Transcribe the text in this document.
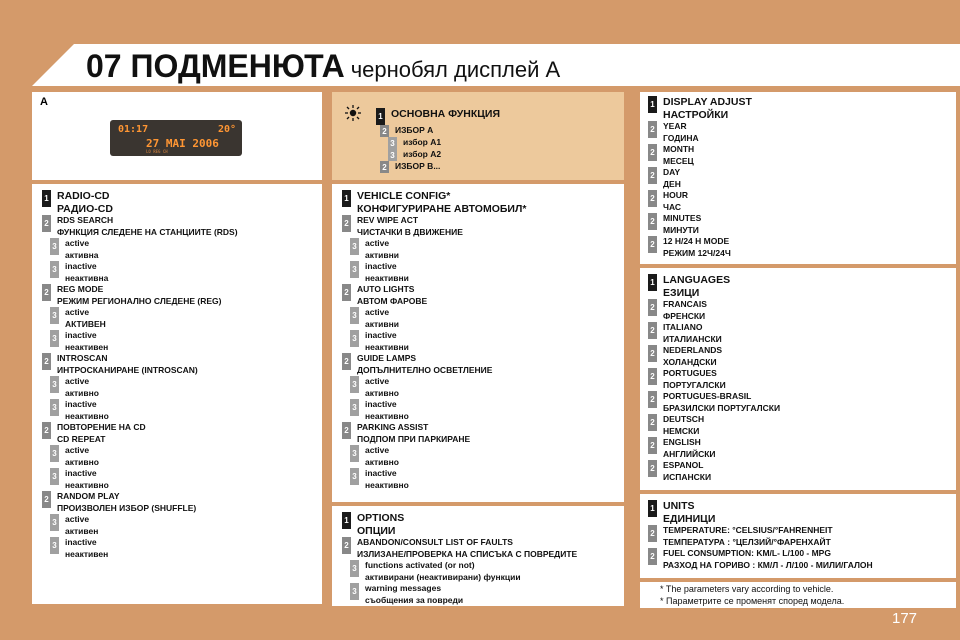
07 ПОДМЕНЮТА чернобял дисплей А
A
01:17	20°
27 MAI 2006
LO REG CH
1 ОСНОВНА ФУНКЦИЯ
2 ИЗБОР А
3 избор А1
3 избор А2
2 ИЗБОР В...
1 RADIO-CD
РАДИО-CD
2 RDS SEARCH
ФУНКЦИЯ СЛЕДЕНЕ НА СТАНЦИИТЕ (RDS)
3 active
активна
3 inactive
неактивна
2 REG MODE
РЕЖИМ РЕГИОНАЛНО СЛЕДЕНЕ (REG)
3 active
АКТИВЕН
3 inactive
неактивен
2 INTROSCAN
ИНТРОСКАНИРАНЕ (INTROSCAN)
3 active
активно
3 inactive
неактивно
2 ПОВТОРЕНИЕ НА CD
CD REPEAT
3 active
активно
3 inactive
неактивно
2 RANDOM PLAY
ПРОИЗВОЛЕН ИЗБОР (SHUFFLE)
3 active
активен
3 inactive
неактивен
1 VEHICLE CONFIG*
КОНФИГУРИРАНЕ АВТОМОБИЛ*
2 REV WIPE ACT
ЧИСТАЧКИ В ДВИЖЕНИЕ
3 active
активни
3 inactive
неактивни
2 AUTO LIGHTS
АВТОМ ФАРОВЕ
3 active
активни
3 inactive
неактивни
2 GUIDE LAMPS
ДОПЪЛНИТЕЛНО ОСВЕТЛЕНИЕ
3 active
активно
3 inactive
неактивно
2 PARKING ASSIST
ПОДПОМ ПРИ ПАРКИРАНЕ
3 active
активно
3 inactive
неактивно
1 OPTIONS
ОПЦИИ
2 ABANDON/CONSULT LIST OF FAULTS
ИЗЛИЗАНЕ/ПРОВЕРКА НА СПИСЪКА С ПОВРЕДИТЕ
3 functions activated (or not)
активирани (неактивирани) функции
3 warning messages
съобщения за повреди
1 DISPLAY ADJUST
НАСТРОЙКИ
2 YEAR
ГОДИНА
2 MONTH
МЕСЕЦ
2 DAY
ДЕН
2 HOUR
ЧАС
2 MINUTES
МИНУТИ
2 12 H/24 H MODE
РЕЖИМ 12Ч/24Ч
1 LANGUAGES
ЕЗИЦИ
2 FRANCAIS
ФРЕНСКИ
2 ITALIANO
ИТАЛИАНСКИ
2 NEDERLANDS
ХОЛАНДСКИ
2 PORTUGUES
ПОРТУГАЛСКИ
2 PORTUGUES-BRASIL
БРАЗИЛСКИ ПОРТУГАЛСКИ
2 DEUTSCH
НЕМСКИ
2 ENGLISH
АНГЛИЙСКИ
2 ESPANOL
ИСПАНСКИ
1 UNITS
ЕДИНИЦИ
2 TEMPERATURE: °CELSIUS/°FAHRENHEIT
ТЕМПЕРАТУРА : °ЦЕЛЗИЙ/°ФАРЕНХАЙТ
2 FUEL CONSUMPTION: KM/L- L/100 - MPG
РАЗХОД НА ГОРИВО : КМ/Л - Л/100 - МИЛИ/ГАЛОН
* The parameters vary according to vehicle.
* Параметрите се променят според модела.
177
